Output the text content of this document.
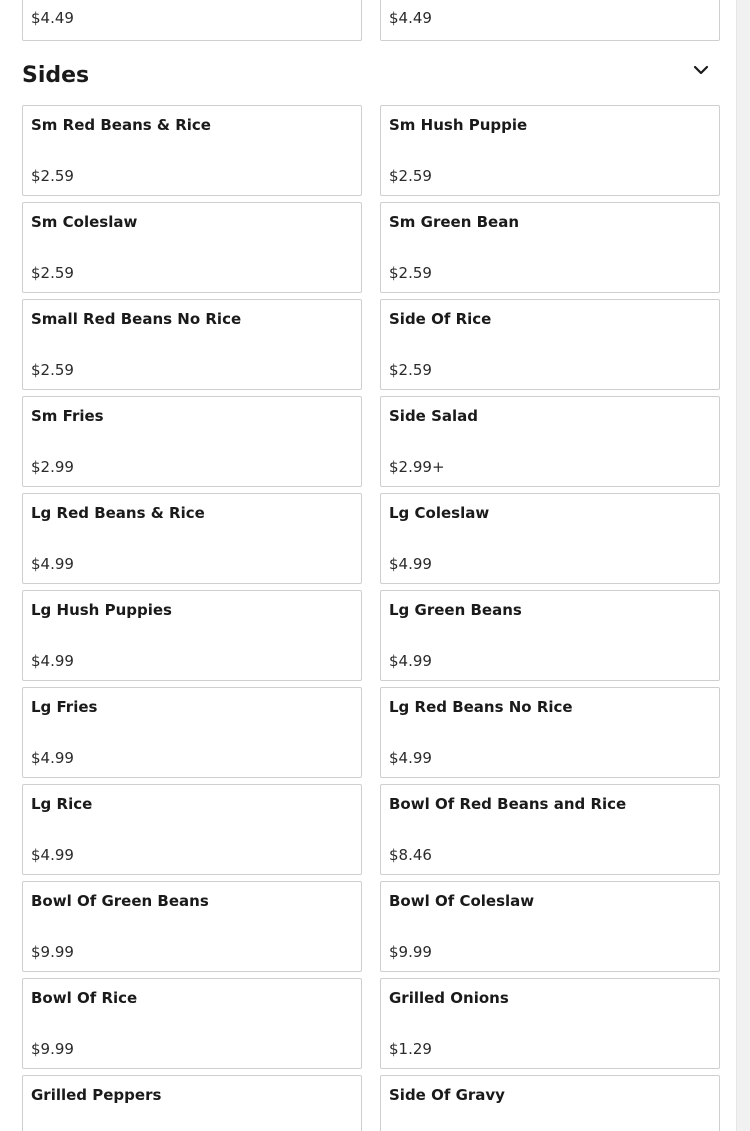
$4.49	$4.49
Sides
Sm Red Beans & Rice
$2.59
Sm Hush Puppie
$2.59
Sm Coleslaw
$2.59
Sm Green Bean
$2.59
Small Red Beans No Rice
$2.59
Side Of Rice
$2.59
Sm Fries
$2.99
Side Salad
$2.99+
Lg Red Beans & Rice
$4.99
Lg Coleslaw
$4.99
Lg Hush Puppies
$4.99
Lg Green Beans
$4.99
Lg Fries
$4.99
Lg Red Beans No Rice
$4.99
Lg Rice
$4.99
Bowl Of Red Beans and Rice
$8.46
Bowl Of Green Beans
$9.99
Bowl Of Coleslaw
$9.99
Bowl Of Rice
$9.99
Grilled Onions
$1.29
Grilled Peppers	Side Of Gravy
